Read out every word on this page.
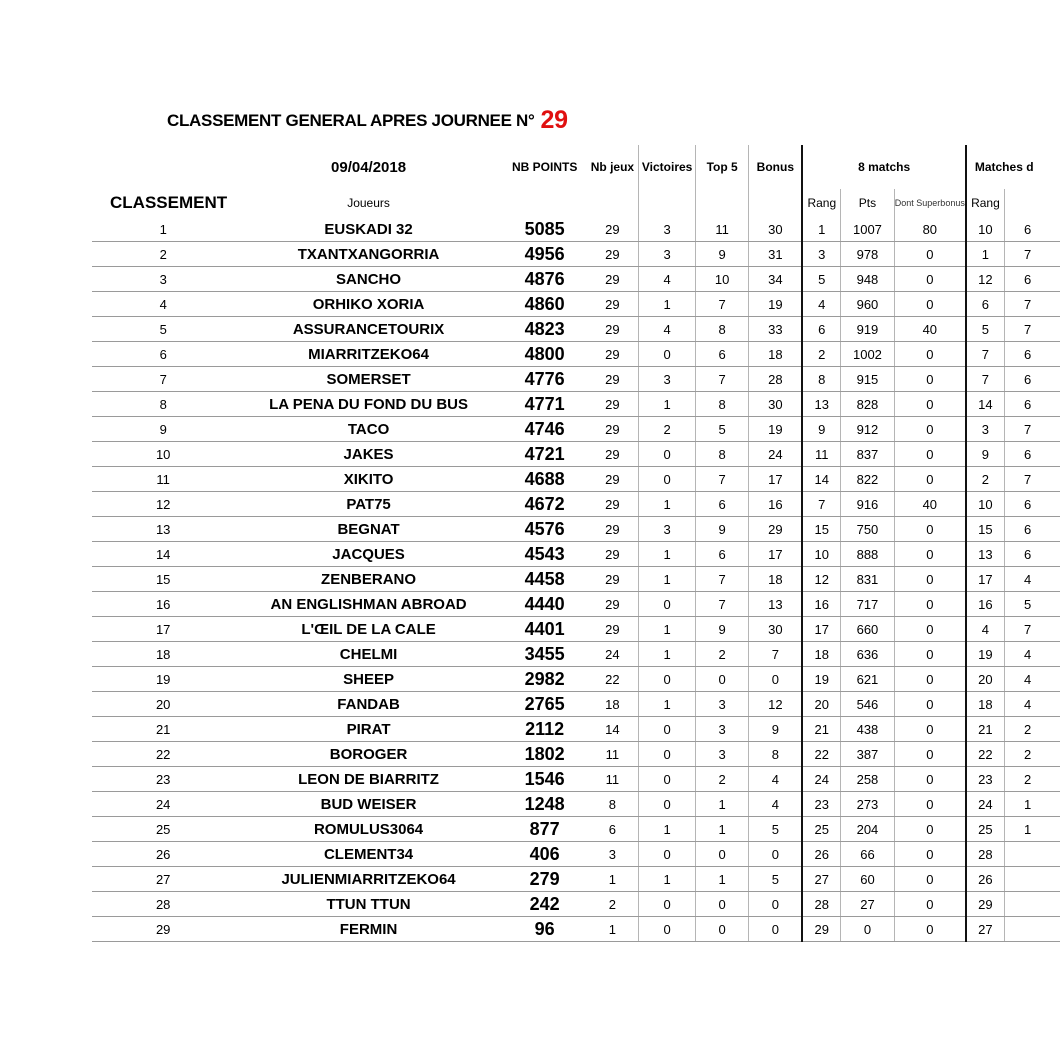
CLASSEMENT GENERAL APRES JOURNEE N° 29
	09/04/2018	NB POINTS	Nb jeux	Victoires	Top 5	Bonus	8 matchs			Matches d	
CLASSEMENT	Joueurs						Rang	Pts	Dont Superbonus	Rang	
1	EUSKADI 32	5085	29	3	11	30	1	1007	80	10	6
2	TXANTXANGORRIA	4956	29	3	9	31	3	978	0	1	7
3	SANCHO	4876	29	4	10	34	5	948	0	12	6
4	ORHIKO XORIA	4860	29	1	7	19	4	960	0	6	7
5	ASSURANCETOURIX	4823	29	4	8	33	6	919	40	5	7
6	MIARRITZEKO64	4800	29	0	6	18	2	1002	0	7	6
7	SOMERSET	4776	29	3	7	28	8	915	0	7	6
8	LA PENA DU FOND DU BUS	4771	29	1	8	30	13	828	0	14	6
9	TACO	4746	29	2	5	19	9	912	0	3	7
10	JAKES	4721	29	0	8	24	11	837	0	9	6
11	XIKITO	4688	29	0	7	17	14	822	0	2	7
12	PAT75	4672	29	1	6	16	7	916	40	10	6
13	BEGNAT	4576	29	3	9	29	15	750	0	15	6
14	JACQUES	4543	29	1	6	17	10	888	0	13	6
15	ZENBERANO	4458	29	1	7	18	12	831	0	17	4
16	AN ENGLISHMAN ABROAD	4440	29	0	7	13	16	717	0	16	5
17	L'ŒIL DE LA CALE	4401	29	1	9	30	17	660	0	4	7
18	CHELMI	3455	24	1	2	7	18	636	0	19	4
19	SHEEP	2982	22	0	0	0	19	621	0	20	4
20	FANDAB	2765	18	1	3	12	20	546	0	18	4
21	PIRAT	2112	14	0	3	9	21	438	0	21	2
22	BOROGER	1802	11	0	3	8	22	387	0	22	2
23	LEON DE BIARRITZ	1546	11	0	2	4	24	258	0	23	2
24	BUD WEISER	1248	8	0	1	4	23	273	0	24	1
25	ROMULUS3064	877	6	1	1	5	25	204	0	25	1
26	CLEMENT34	406	3	0	0	0	26	66	0	28	
27	JULIENMIARRITZEKO64	279	1	1	1	5	27	60	0	26	
28	TTUN TTUN	242	2	0	0	0	28	27	0	29	
29	FERMIN	96	1	0	0	0	29	0	0	27	
